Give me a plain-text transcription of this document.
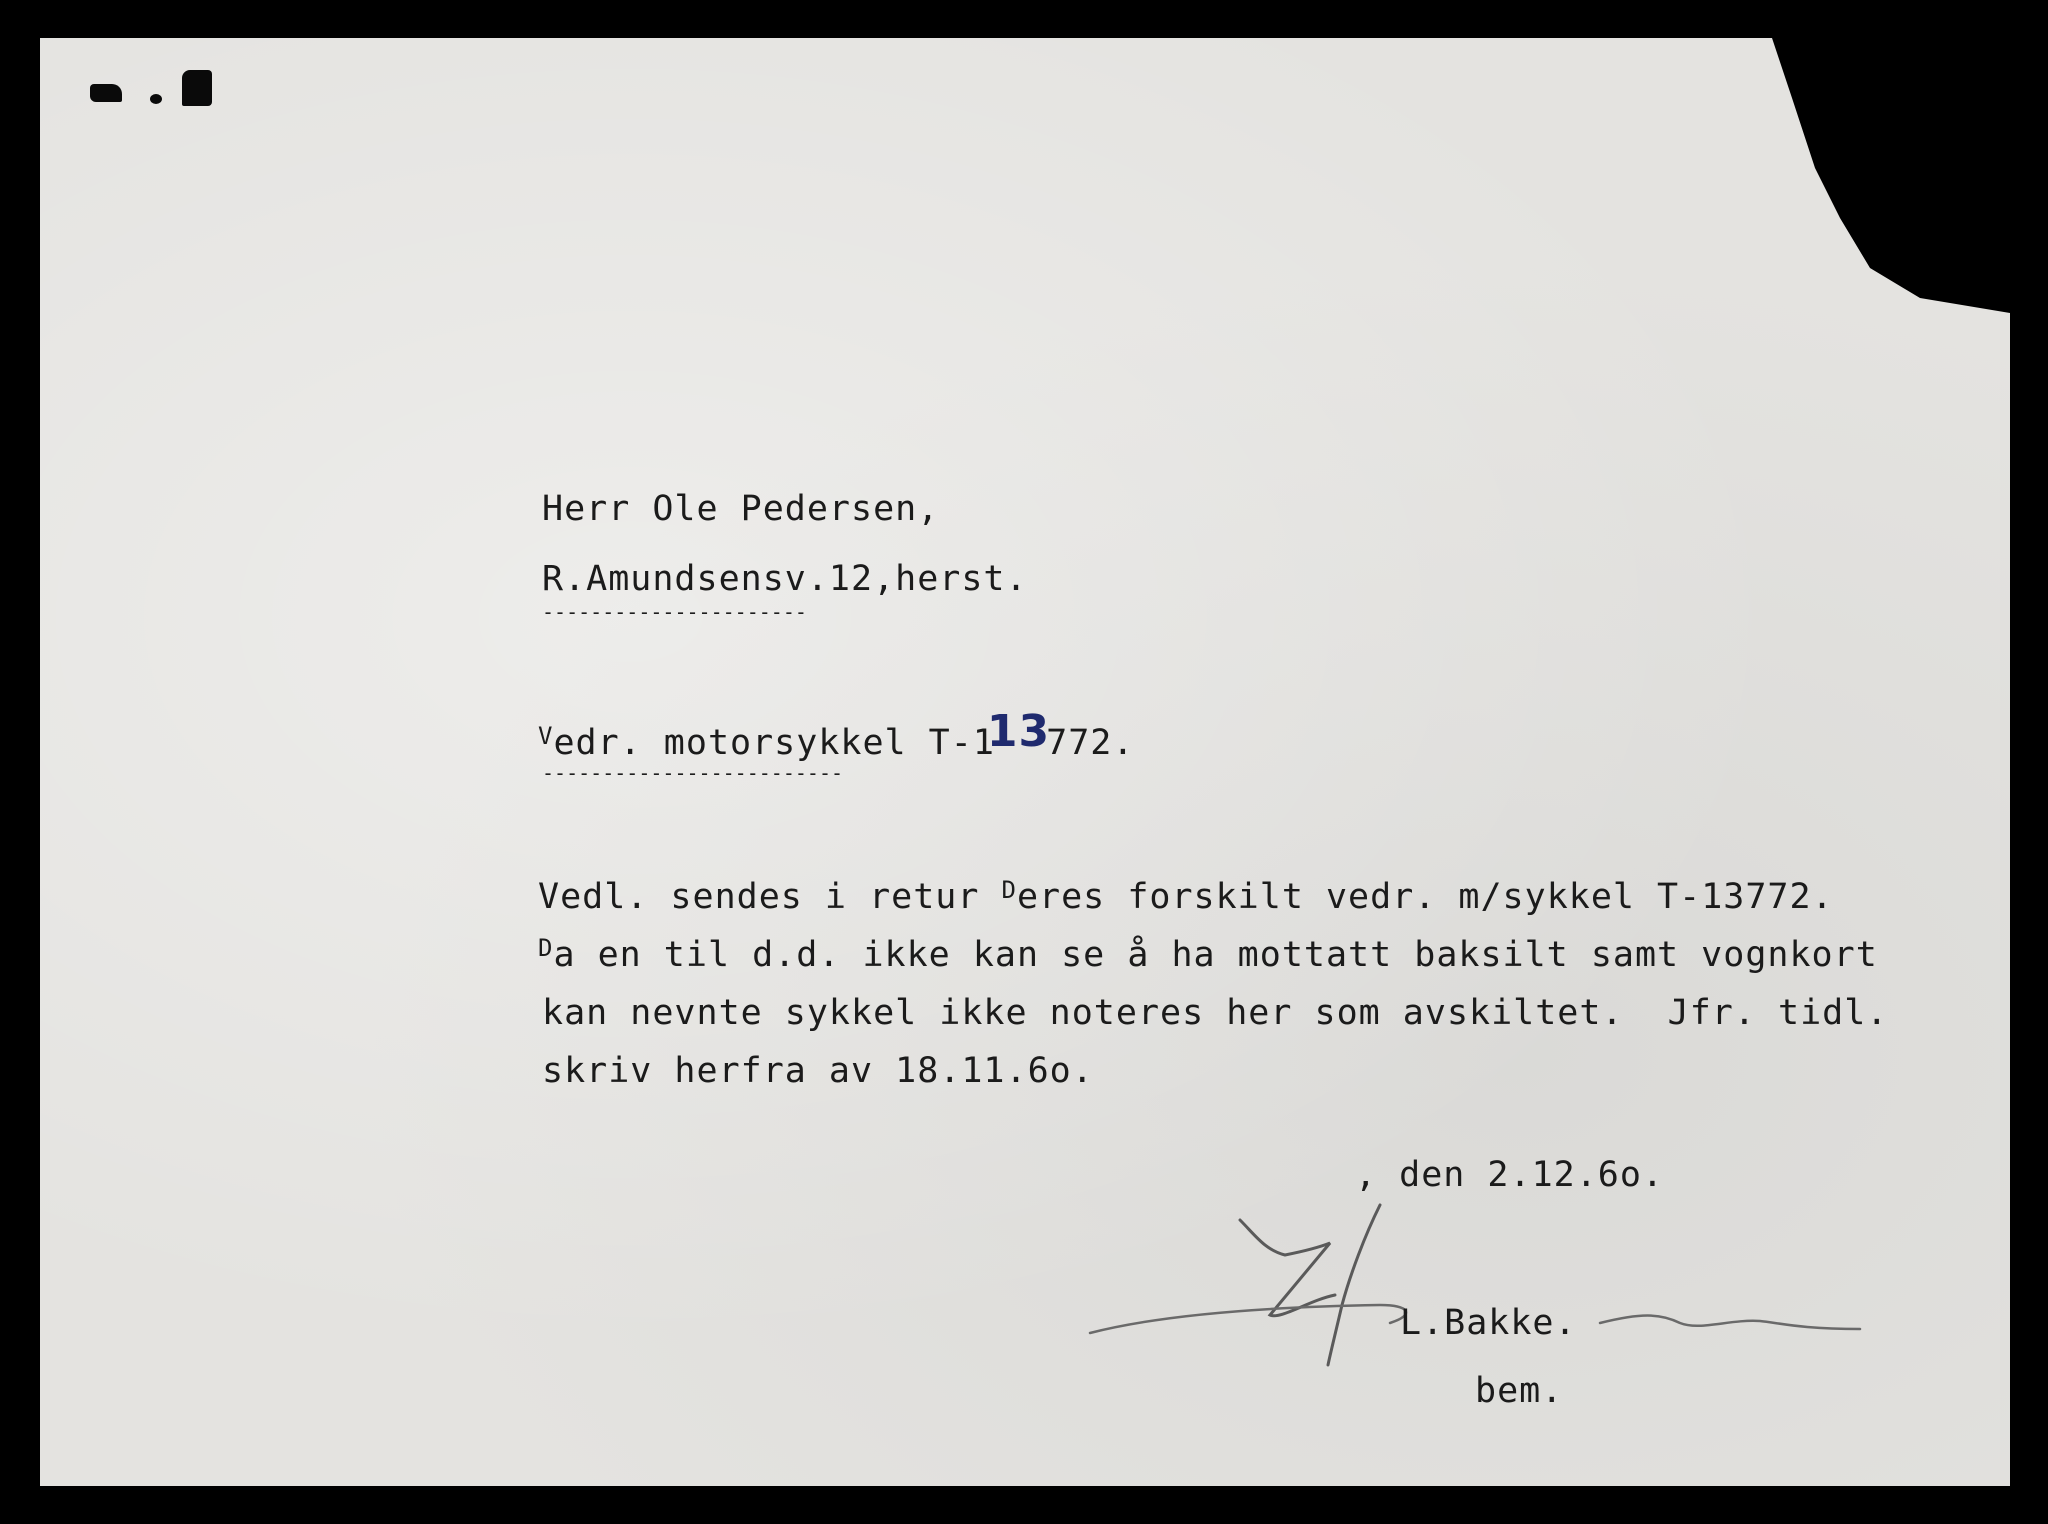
Herr Ole Pedersen,
R.Amundsensv.12,herst.
----------------------
$^V$edr. motorsykkel T-113772.
-------------------------
Vedl. sendes i retur $^D$eres forskilt vedr. m/sykkel T-13772.
$^D$a en til d.d. ikke kan se å ha mottatt baksilt samt vognkort
kan nevnte sykkel ikke noteres her som avskiltet.  Jfr. tidl.
skriv herfra av 18.11.6o.
, den 2.12.6o.
L.Bakke.
bem.
